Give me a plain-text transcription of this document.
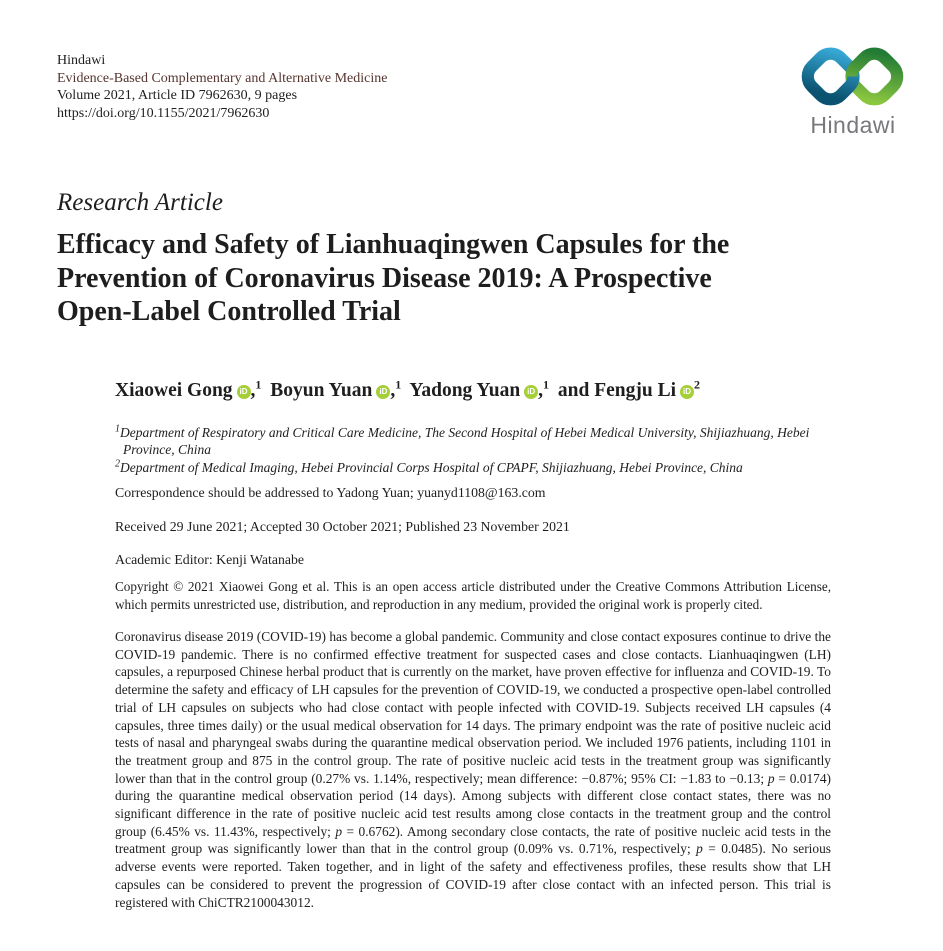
Hindawi
Evidence-Based Complementary and Alternative Medicine
Volume 2021, Article ID 7962630, 9 pages
https://doi.org/10.1155/2021/7962630	Hindawi
Research Article
Efficacy and Safety of Lianhuaqingwen Capsules for the
Prevention of Coronavirus Disease 2019: A Prospective
Open-Label Controlled Trial
Xiaowei Gong iD ,$^1$ Boyun Yuan iD ,$^1$ Yadong Yuan iD ,$^1$ and Fengju Li iD $^2$
$^1$Department of Respiratory and Critical Care Medicine, The Second Hospital of Hebei Medical University, Shijiazhuang, Hebei Province, China
$^2$Department of Medical Imaging, Hebei Provincial Corps Hospital of CPAPF, Shijiazhuang, Hebei Province, China
Correspondence should be addressed to Yadong Yuan; yuanyd1108@163.com
Received 29 June 2021; Accepted 30 October 2021; Published 23 November 2021
Academic Editor: Kenji Watanabe
Copyright © 2021 Xiaowei Gong et al. This is an open access article distributed under the Creative Commons Attribution License, which permits unrestricted use, distribution, and reproduction in any medium, provided the original work is properly cited.
Coronavirus disease 2019 (COVID-19) has become a global pandemic. Community and close contact exposures continue to drive the COVID-19 pandemic. There is no confirmed effective treatment for suspected cases and close contacts. Lianhuaqingwen (LH) capsules, a repurposed Chinese herbal product that is currently on the market, have proven effective for influenza and COVID-19. To determine the safety and efficacy of LH capsules for the prevention of COVID-19, we conducted a prospective open-label controlled trial of LH capsules on subjects who had close contact with people infected with COVID-19. Subjects received LH capsules (4 capsules, three times daily) or the usual medical observation for 14 days. The primary endpoint was the rate of positive nucleic acid tests of nasal and pharyngeal swabs during the quarantine medical observation period. We included 1976 patients, including 1101 in the treatment group and 875 in the control group. The rate of positive nucleic acid tests in the treatment group was significantly lower than that in the control group (0.27% vs. 1.14%, respectively; mean difference: −0.87%; 95% CI: −1.83 to −0.13; p = 0.0174) during the quarantine medical observation period (14 days). Among subjects with different close contact states, there was no significant difference in the rate of positive nucleic acid test results among close contacts in the treatment group and the control group (6.45% vs. 11.43%, respectively; p = 0.6762). Among secondary close contacts, the rate of positive nucleic acid tests in the treatment group was significantly lower than that in the control group (0.09% vs. 0.71%, respectively; p = 0.0485). No serious adverse events were reported. Taken together, and in light of the safety and effectiveness profiles, these results show that LH capsules can be considered to prevent the progression of COVID-19 after close contact with an infected person. This trial is registered with ChiCTR2100043012.
